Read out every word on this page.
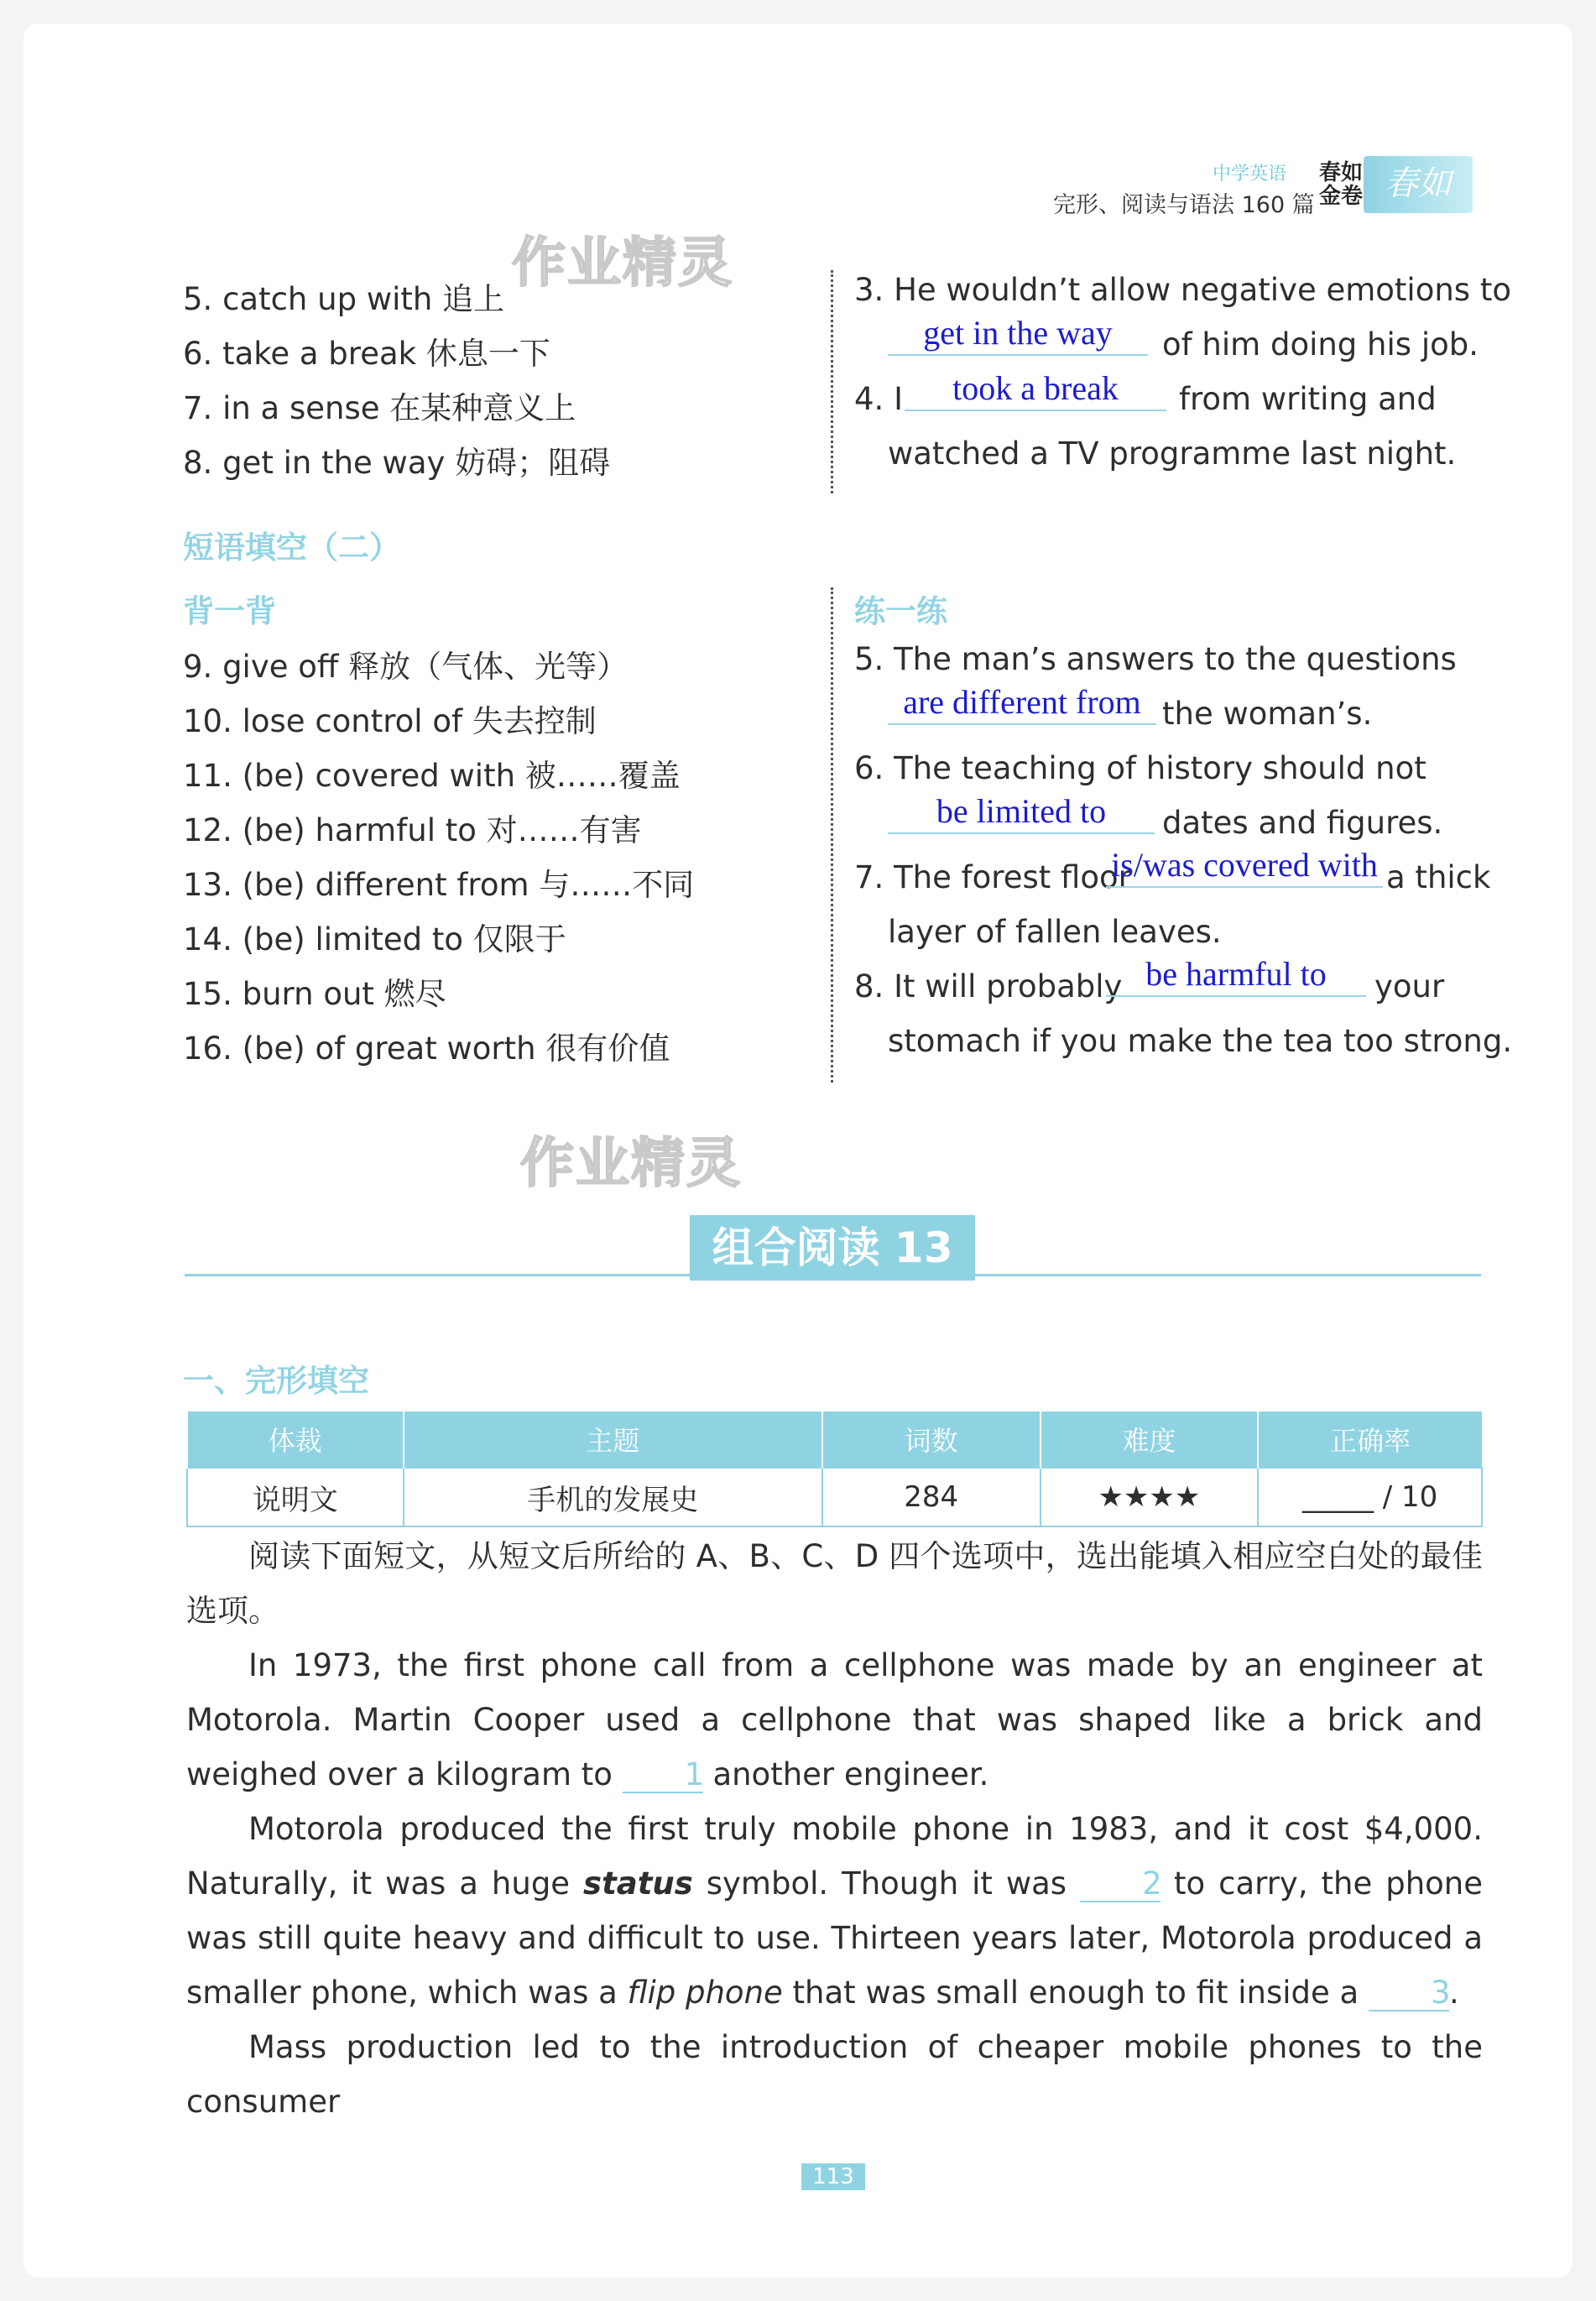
中学英语
完形、阅读与语法 160 篇
春如
金卷 春如
作业精灵
作业精灵
5. catch up with 追上
6. take a break 休息一下
7. in a sense 在某种意义上
8. get in the way 妨碍；阻碍
3. He wouldn’t allow negative emotions to
get in the way	of him doing his job.
4. I	took a break	from writing and
watched a TV programme last night.
短语填空（二）
背一背	练一练
9. give off 释放（气体、光等）
10. lose control of 失去控制
11. (be) covered with 被……覆盖
12. (be) harmful to 对……有害
13. (be) different from 与……不同
14. (be) limited to 仅限于
15. burn out 燃尽
16. (be) of great worth 很有价值
5. The man’s answers to the questions
are different from the woman’s.
6. The teaching of history should not
be limited to	dates and figures.
7. The forest floor
is/was covered with a thick
layer of fallen leaves.
8. It will probably be harmful to	your
stomach if you make the tea too strong.
组合阅读 13
一、完形填空
体裁	主题	词数	难度	正确率
说明文	手机的发展史	284	★★★★	_____ / 10

阅读下面短文，从短文后所给的 A、B、C、D 四个选项中，选出能填入相应空白处的最佳选项。

In 1973, the first phone call from a cellphone was made by an engineer at Motorola. Martin Cooper used a cellphone that was shaped like a brick and weighed over a kilogram to 1 another engineer.

Motorola produced the first truly mobile phone in 1983, and it cost $4,000. Naturally, it was a huge status symbol. Though it was 2 to carry, the phone was still quite heavy and difficult to use. Thirteen years later, Motorola produced a smaller phone, which was a flip phone that was small enough to fit inside a 3.

Mass production led to the introduction of cheaper mobile phones to the consumer

113
